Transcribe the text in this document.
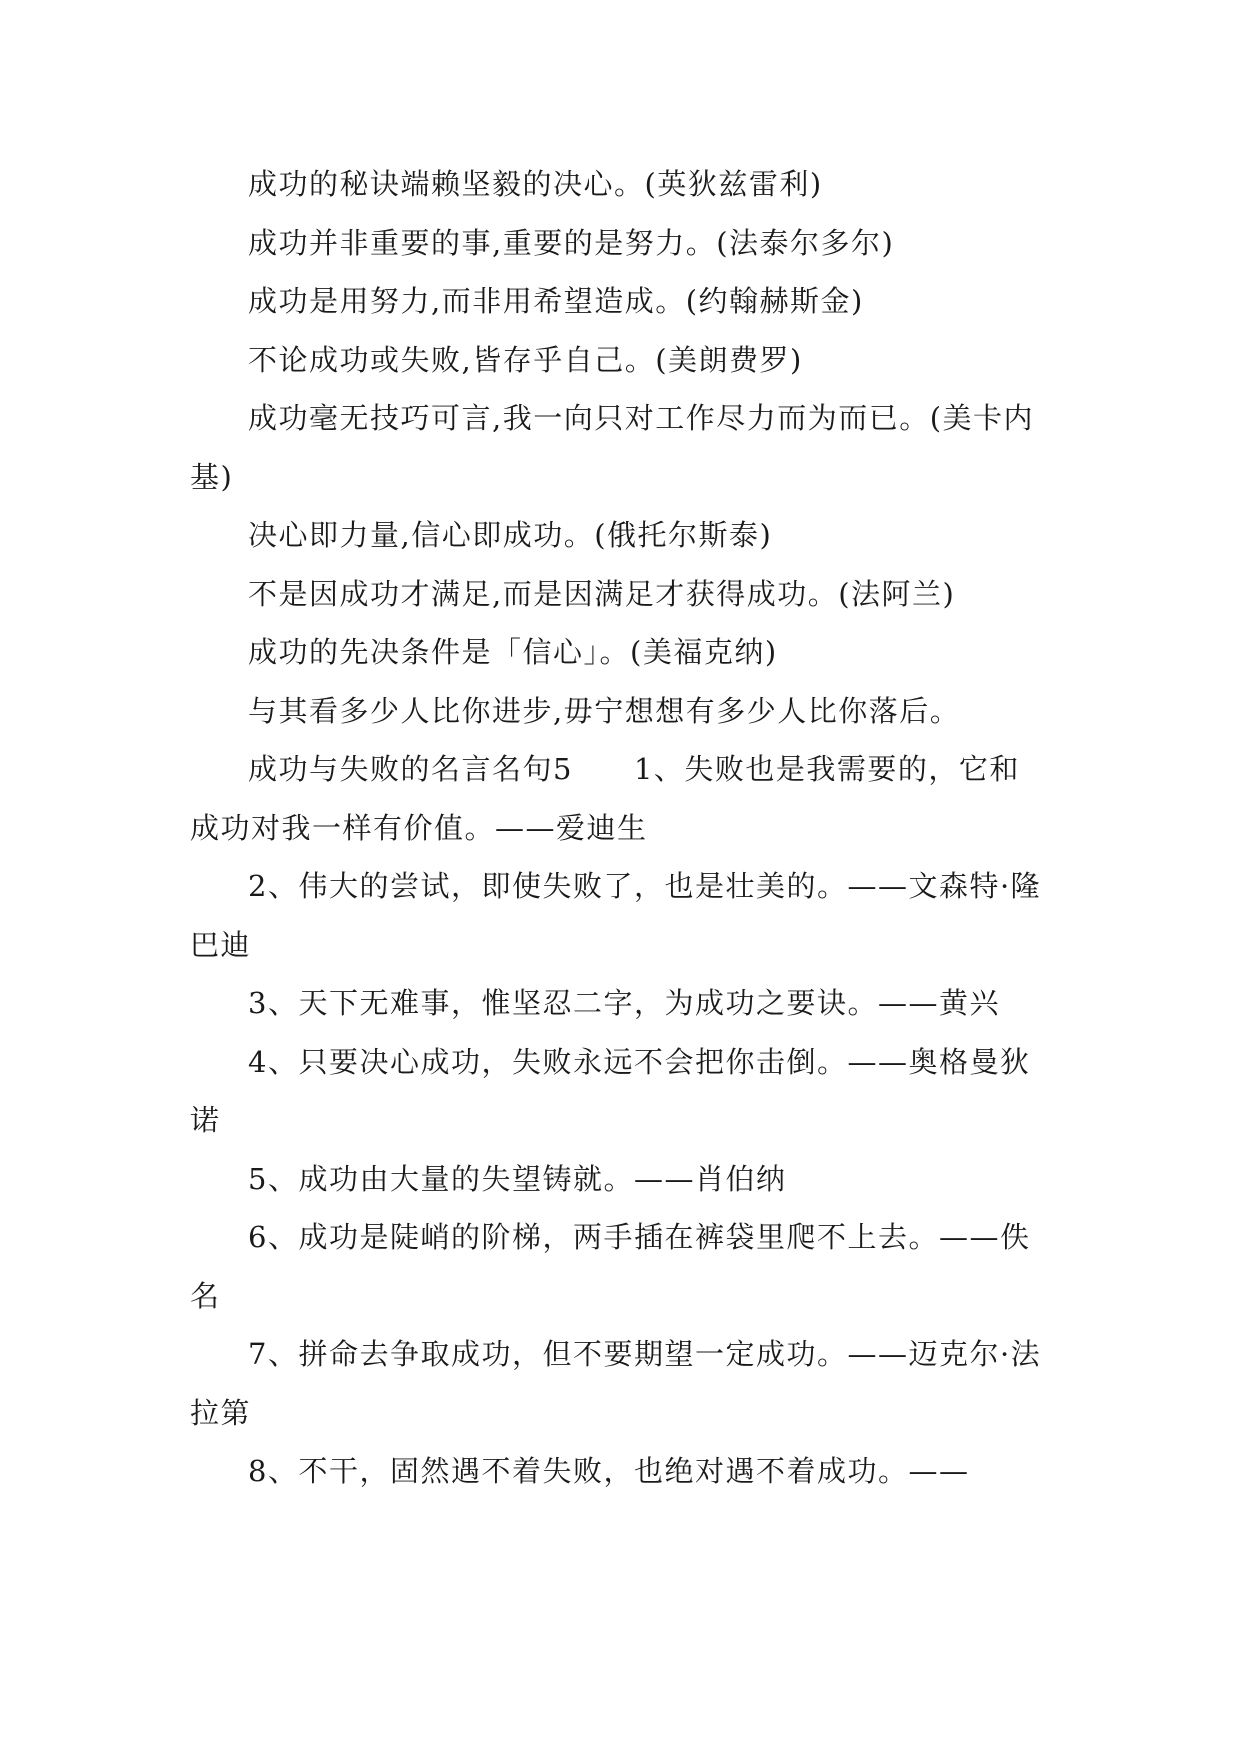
成功的秘诀端赖坚毅的决心。(英狄兹雷利)

成功并非重要的事,重要的是努力。(法泰尔多尔)

成功是用努力,而非用希望造成。(约翰赫斯金)

不论成功或失败,皆存乎自己。(美朗费罗)

成功毫无技巧可言,我一向只对工作尽力而为而已。(美卡内基)

决心即力量,信心即成功。(俄托尔斯泰)

不是因成功才满足,而是因满足才获得成功。(法阿兰)

成功的先决条件是「信心」。(美福克纳)

与其看多少人比你进步,毋宁想想有多少人比你落后。

成功与失败的名言名句5　　1、失败也是我需要的，它和成功对我一样有价值。——爱迪生

2、伟大的尝试，即使失败了，也是壮美的。——文森特·隆巴迪

3、天下无难事，惟坚忍二字，为成功之要诀。——黄兴

4、只要决心成功，失败永远不会把你击倒。——奥格曼狄诺

5、成功由大量的失望铸就。——肖伯纳

6、成功是陡峭的阶梯，两手插在裤袋里爬不上去。——佚名

7、拼命去争取成功，但不要期望一定成功。——迈克尔·法拉第

8、不干，固然遇不着失败，也绝对遇不着成功。——
